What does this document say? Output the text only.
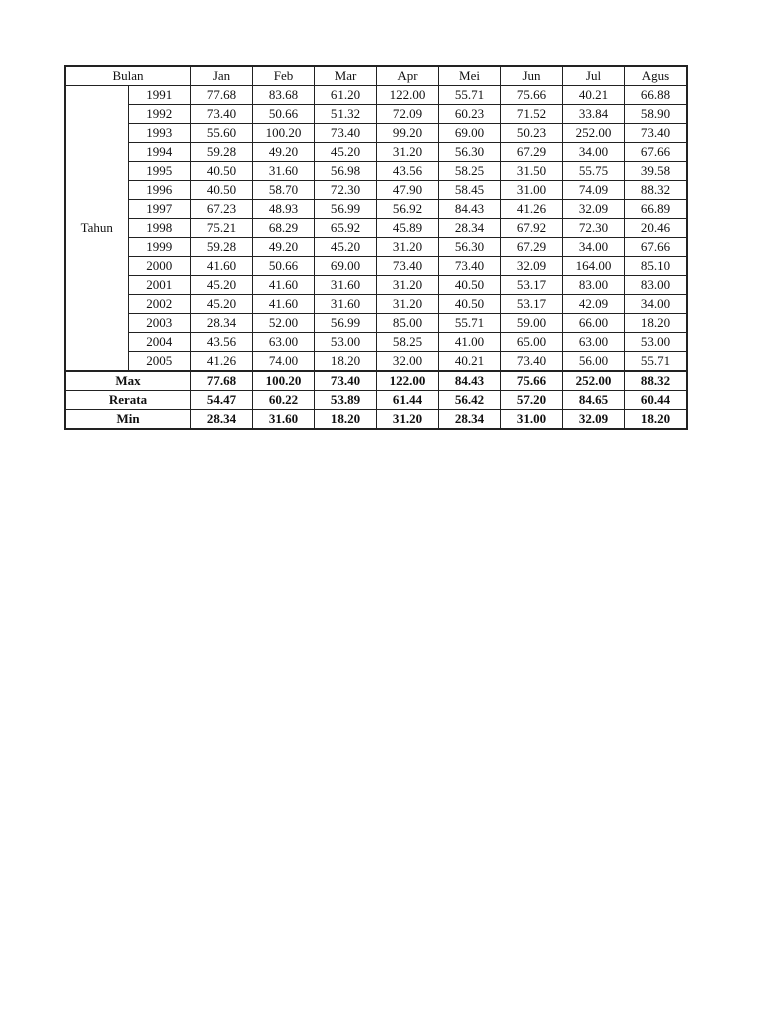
Bulan		Jan	Feb	Mar	Apr	Mei	Jun	Jul	Agus
Tahun	1991	77.68	83.68	61.20	122.00	55.71	75.66	40.21	66.88
	1992	73.40	50.66	51.32	72.09	60.23	71.52	33.84	58.90
	1993	55.60	100.20	73.40	99.20	69.00	50.23	252.00	73.40
	1994	59.28	49.20	45.20	31.20	56.30	67.29	34.00	67.66
	1995	40.50	31.60	56.98	43.56	58.25	31.50	55.75	39.58
	1996	40.50	58.70	72.30	47.90	58.45	31.00	74.09	88.32
	1997	67.23	48.93	56.99	56.92	84.43	41.26	32.09	66.89
	1998	75.21	68.29	65.92	45.89	28.34	67.92	72.30	20.46
	1999	59.28	49.20	45.20	31.20	56.30	67.29	34.00	67.66
	2000	41.60	50.66	69.00	73.40	73.40	32.09	164.00	85.10
	2001	45.20	41.60	31.60	31.20	40.50	53.17	83.00	83.00
	2002	45.20	41.60	31.60	31.20	40.50	53.17	42.09	34.00
	2003	28.34	52.00	56.99	85.00	55.71	59.00	66.00	18.20
	2004	43.56	63.00	53.00	58.25	41.00	65.00	63.00	53.00
	2005	41.26	74.00	18.20	32.00	40.21	73.40	56.00	55.71
Max		77.68	100.20	73.40	122.00	84.43	75.66	252.00	88.32
Rerata		54.47	60.22	53.89	61.44	56.42	57.20	84.65	60.44
Min		28.34	31.60	18.20	31.20	28.34	31.00	32.09	18.20
